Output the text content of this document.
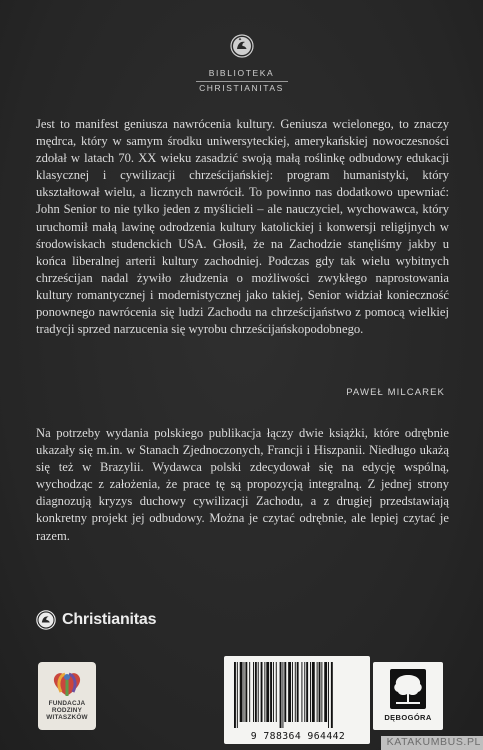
BIBLIOTEKA
CHRISTIANITAS

Jest to manifest geniusza nawrócenia kultury. Geniusza wcielonego, to znaczy mędrca, który w samym środku uniwersyteckiej, amerykańskiej nowoczesności zdołał w latach 70. XX wieku zasadzić swoją małą roślinkę odbudowy edukacji klasycznej i cywilizacji chrześcijańskiej: program humanistyki, który ukształtował wielu, a licznych nawrócił. To powinno nas dodatkowo upewniać: John Senior to nie tylko jeden z myślicieli – ale nauczyciel, wychowawca, który uruchomił małą lawinę odrodzenia kultury katolickiej i konwersji religijnych w środowiskach studenckich USA. Głosił, że na Zachodzie stanęliśmy jakby u końca liberalnej arterii kultury zachodniej. Podczas gdy tak wielu wybitnych chrześcijan nadal żywiło złudzenia o możliwości zwykłego naprostowania kultury romantycznej i modernistycznej jako takiej, Senior widział konieczność ponownego nawrócenia się ludzi Zachodu na chrześcijaństwo z pomocą wielkiej tradycji sprzed narzucenia się wyrobu chrześcijańskopodobnego.

PAWEŁ MILCAREK

Na potrzeby wydania polskiego publikacja łączy dwie książki, które odrębnie ukazały się m.in. w Stanach Zjednoczonych, Francji i Hiszpanii. Niedługo ukażą się też w Brazylii. Wydawca polski zdecydował się na edycję wspólną, wychodząc z założenia, że prace tę są propozycją integralną. Z jednej strony diagnozują kryzys duchowy cywilizacji Zachodu, a z drugiej przedstawiają konkretny projekt jej odbudowy. Można je czytać odrębnie, ale lepiej czytać je razem.

Christianitas
FUNDACJA
RODZINY
WITASZKÓW
9 788364 964442
DĘBOGÓRA
KATAKUMBUS.PL
